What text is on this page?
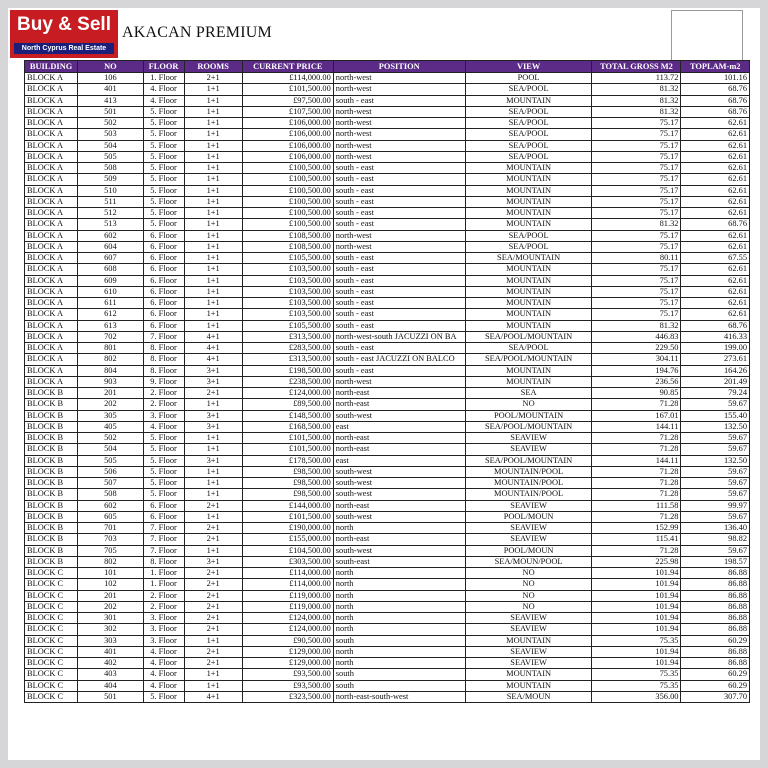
Buy & Sell
North Cyprus Real Estate
AKACAN PREMIUM
BUILDING	NO	FLOOR	ROOMS	CURRENT PRICE	POSITION	VIEW	TOTAL GROSS M2	TOPLAM-m2
BLOCK A	106	1. Floor	2+1	£114,000.00	north-west	POOL	113.72	101.16
BLOCK A	401	4. Floor	1+1	£101,500.00	north-west	SEA/POOL	81.32	68.76
BLOCK A	413	4. Floor	1+1	£97,500.00	south - east	MOUNTAIN	81.32	68.76
BLOCK A	501	5. Floor	1+1	£107,500.00	north-west	SEA/POOL	81.32	68.76
BLOCK A	502	5. Floor	1+1	£106,000.00	north-west	SEA/POOL	75.17	62.61
BLOCK A	503	5. Floor	1+1	£106,000.00	north-west	SEA/POOL	75.17	62.61
BLOCK A	504	5. Floor	1+1	£106,000.00	north-west	SEA/POOL	75.17	62.61
BLOCK A	505	5. Floor	1+1	£106,000.00	north-west	SEA/POOL	75.17	62.61
BLOCK A	508	5. Floor	1+1	£100,500.00	south - east	MOUNTAIN	75.17	62.61
BLOCK A	509	5. Floor	1+1	£100,500.00	south - east	MOUNTAIN	75.17	62.61
BLOCK A	510	5. Floor	1+1	£100,500.00	south - east	MOUNTAIN	75.17	62.61
BLOCK A	511	5. Floor	1+1	£100,500.00	south - east	MOUNTAIN	75.17	62.61
BLOCK A	512	5. Floor	1+1	£100,500.00	south - east	MOUNTAIN	75.17	62.61
BLOCK A	513	5. Floor	1+1	£100,500.00	south - east	MOUNTAIN	81.32	68.76
BLOCK A	602	6. Floor	1+1	£108,500.00	north-west	SEA/POOL	75.17	62.61
BLOCK A	604	6. Floor	1+1	£108,500.00	north-west	SEA/POOL	75.17	62.61
BLOCK A	607	6. Floor	1+1	£105,500.00	south - east	SEA/MOUNTAIN	80.11	67.55
BLOCK A	608	6. Floor	1+1	£103,500.00	south - east	MOUNTAIN	75.17	62.61
BLOCK A	609	6. Floor	1+1	£103,500.00	south - east	MOUNTAIN	75.17	62.61
BLOCK A	610	6. Floor	1+1	£103,500.00	south - east	MOUNTAIN	75.17	62.61
BLOCK A	611	6. Floor	1+1	£103,500.00	south - east	MOUNTAIN	75.17	62.61
BLOCK A	612	6. Floor	1+1	£103,500.00	south - east	MOUNTAIN	75.17	62.61
BLOCK A	613	6. Floor	1+1	£105,500.00	south - east	MOUNTAIN	81.32	68.76
BLOCK A	702	7. Floor	4+1	£313,500.00	north-west-south JACUZZI ON BA	SEA/POOL/MOUNTAIN	446.83	416.33
BLOCK A	801	8. Floor	4+1	£283,500.00	south - east	SEA/POOL	229.50	199.00
BLOCK A	802	8. Floor	4+1	£313,500.00	south - east JACUZZI ON BALCO	SEA/POOL/MOUNTAIN	304.11	273.61
BLOCK A	804	8. Floor	3+1	£198,500.00	south - east	MOUNTAIN	194.76	164.26
BLOCK A	903	9. Floor	3+1	£238,500.00	north-west	MOUNTAIN	236.56	201.49
BLOCK B	201	2. Floor	2+1	£124,000.00	north-east	SEA	90.85	79.24
BLOCK B	202	2. Floor	1+1	£89,500.00	north-east	NO	71.28	59.67
BLOCK B	305	3. Floor	3+1	£148,500.00	south-west	POOL/MOUNTAIN	167.01	155.40
BLOCK B	405	4. Floor	3+1	£168,500.00	east	SEA/POOL/MOUNTAIN	144.11	132.50
BLOCK B	502	5. Floor	1+1	£101,500.00	north-east	SEAVIEW	71.28	59.67
BLOCK B	504	5. Floor	1+1	£101,500.00	north-east	SEAVIEW	71.28	59.67
BLOCK B	505	5. Floor	3+1	£178,500.00	east	SEA/POOL/MOUNTAIN	144.11	132.50
BLOCK B	506	5. Floor	1+1	£98,500.00	south-west	MOUNTAIN/POOL	71.28	59.67
BLOCK B	507	5. Floor	1+1	£98,500.00	south-west	MOUNTAIN/POOL	71.28	59.67
BLOCK B	508	5. Floor	1+1	£98,500.00	south-west	MOUNTAIN/POOL	71.28	59.67
BLOCK B	602	6. Floor	2+1	£144,000.00	north-east	SEAVIEW	111.58	99.97
BLOCK B	605	6. Floor	1+1	£101,500.00	south-west	POOL/MOUN	71.28	59.67
BLOCK B	701	7. Floor	2+1	£190,000.00	north	SEAVIEW	152.99	136.40
BLOCK B	703	7. Floor	2+1	£155,000.00	north-east	SEAVIEW	115.41	98.82
BLOCK B	705	7. Floor	1+1	£104,500.00	south-west	POOL/MOUN	71.28	59.67
BLOCK B	802	8. Floor	3+1	£303,500.00	south-east	SEA/MOUN/POOL	225.98	198.57
BLOCK C	101	1. Floor	2+1	£114,000.00	north	NO	101.94	86.88
BLOCK C	102	1. Floor	2+1	£114,000.00	north	NO	101.94	86.88
BLOCK C	201	2. Floor	2+1	£119,000.00	north	NO	101.94	86.88
BLOCK C	202	2. Floor	2+1	£119,000.00	north	NO	101.94	86.88
BLOCK C	301	3. Floor	2+1	£124,000.00	north	SEAVIEW	101.94	86.88
BLOCK C	302	3. Floor	2+1	£124,000.00	north	SEAVIEW	101.94	86.88
BLOCK C	303	3. Floor	1+1	£90,500.00	south	MOUNTAIN	75.35	60.29
BLOCK C	401	4. Floor	2+1	£129,000.00	north	SEAVIEW	101.94	86.88
BLOCK C	402	4. Floor	2+1	£129,000.00	north	SEAVIEW	101.94	86.88
BLOCK C	403	4. Floor	1+1	£93,500.00	south	MOUNTAIN	75.35	60.29
BLOCK C	404	4. Floor	1+1	£93,500.00	south	MOUNTAIN	75.35	60.29
BLOCK C	501	5. Floor	4+1	£323,500.00	north-east-south-west	SEA/MOUN	356.00	307.70
